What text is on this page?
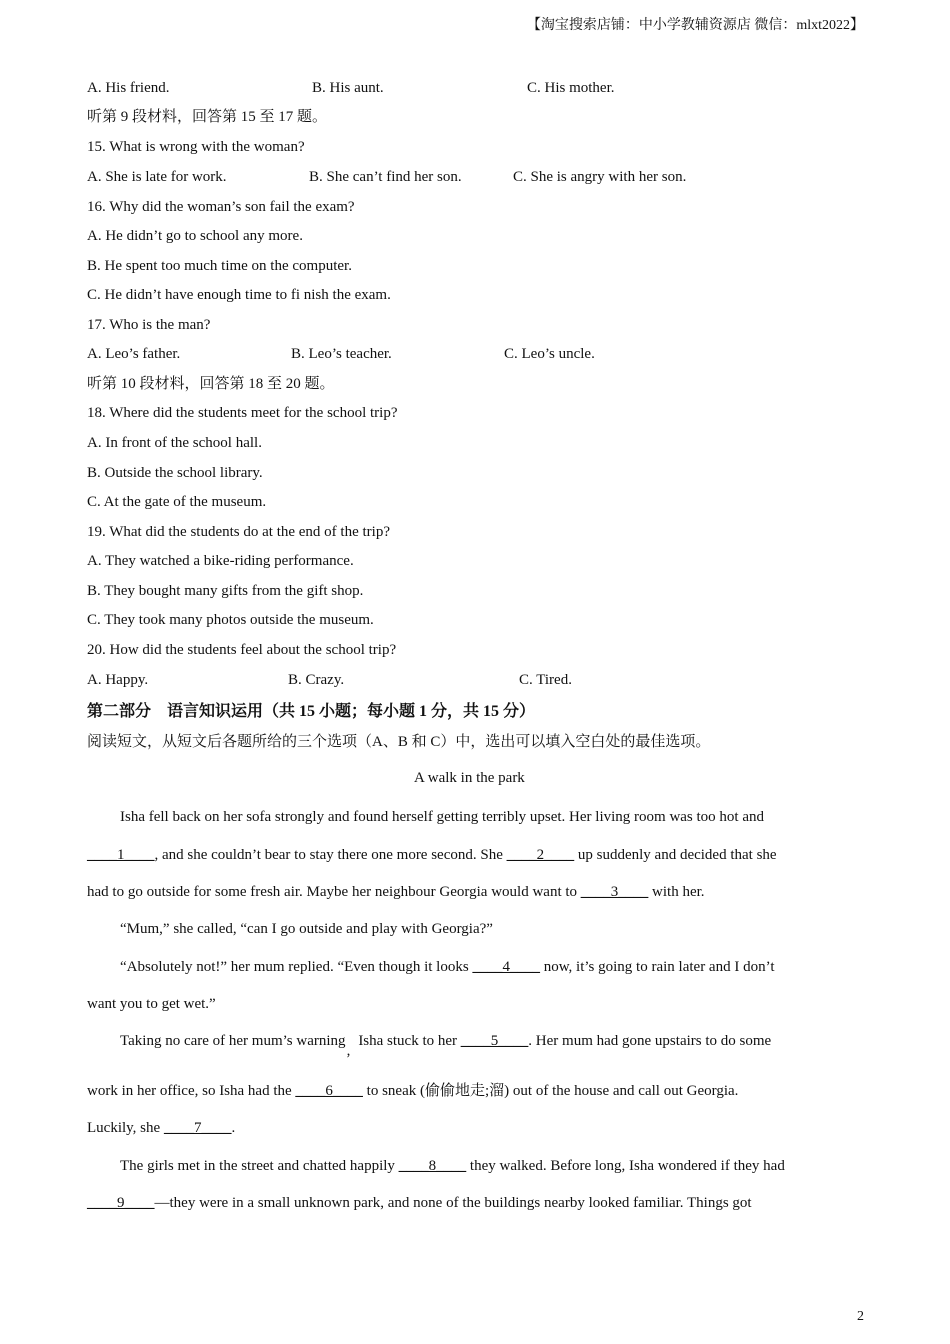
【淘宝搜索店铺：中小学教辅资源店 微信：mlxt2022】
A. His friend.	B. His aunt.	C. His mother.
听第 9 段材料，回答第 15 至 17 题。
15. What is wrong with the woman?
A. She is late for work.	B. She can’t find her son.	C. She is angry with her son.
16. Why did the woman’s son fail the exam?
A. He didn’t go to school any more.
B. He spent too much time on the computer.
C. He didn’t have enough time to fi nish the exam.
17. Who is the man?
A. Leo’s father.	B. Leo’s teacher.	C. Leo’s uncle.
听第 10 段材料，回答第 18 至 20 题。
18. Where did the students meet for the school trip?
A. In front of the school hall.
B. Outside the school library.
C. At the gate of the museum.
19. What did the students do at the end of the trip?
A. They watched a bike-riding performance.
B. They bought many gifts from the gift shop.
C. They took many photos outside the museum.
20. How did the students feel about the school trip?
A. Happy.	B. Crazy.	C. Tired.
第二部分　语言知识运用（共 15 小题；每小题 1 分，共 15 分）
阅读短文，从短文后各题所给的三个选项（A、B 和 C）中，选出可以填入空白处的最佳选项。
A walk in the park
Isha fell back on her sofa strongly and found herself getting terribly upset. Her living room was too hot and
____1____, and she couldn’t bear to stay there one more second. She ____2____ up suddenly and decided that she
had to go outside for some fresh air. Maybe her neighbour Georgia would want to ____3____ with her.
“Mum,” she called, “can I go outside and play with Georgia?”
“Absolutely not!” her mum replied. “Even though it looks ____4____ now, it’s going to rain later and I don’t
want you to get wet.”
Taking no care of her mum’s warning,Isha stuck to her ____5____. Her mum had gone upstairs to do some
work in her office, so Isha had the ____6____ to sneak (偷偷地走;溜) out of the house and call out Georgia.
Luckily, she ____7____.
The girls met in the street and chatted happily ____8____ they walked. Before long, Isha wondered if they had
____9____—they were in a small unknown park, and none of the buildings nearby looked familiar. Things got
2
